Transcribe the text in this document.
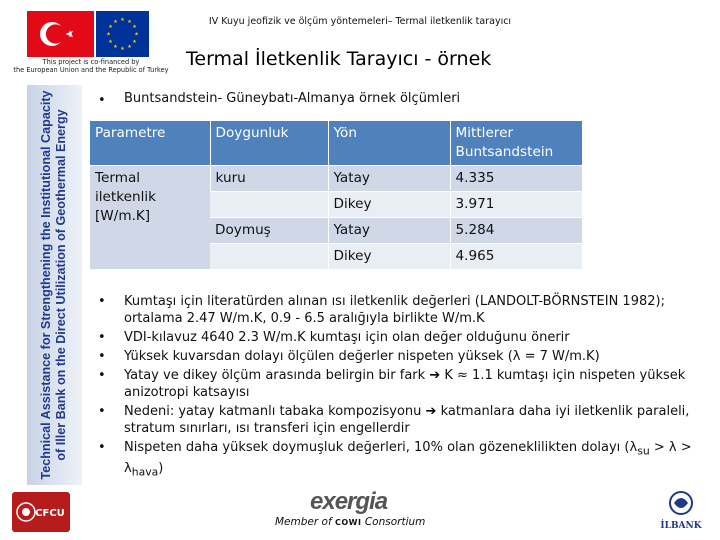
IV Kuyu jeofizik ve ölçüm yöntemeleri– Termal iletkenlik tarayıcı
★ ★
★
★
★
★
★
★
★
★
★
★
This project is co-financed by
the European Union and the Republic of Turkey Termal İletkenlik Tarayıcı - örnek
Technical Assistance for Strengthening the Institutional Capacity of Iller Bank on the Direct Utilization of Geothermal Energy
• Buntsandstein- Güneybatı-Almanya örnek ölçümleri
Parametre	Doygunluk	Yön	Mittlerer Buntsandstein
Termal iletkenlik [W/m.K]	kuru	Yatay	4.335
		Dikey	3.971
	Doymuş	Yatay	5.284
		Dikey	4.965
• Kumtaşı için literatürden alınan ısı iletkenlik değerleri (LANDOLT-BÖRNSTEIN 1982); ortalama 2.47 W/m.K, 0.9 - 6.5 aralığıyla birlikte W/m.K
• VDI-kılavuz 4640 2.3 W/m.K kumtaşı için olan değer olduğunu önerir
• Yüksek kuvarsdan dolayı ölçülen değerler nispeten yüksek (λ = 7 W/m.K)
• Yatay ve dikey ölçüm arasında belirgin bir fark ➔ K ≈ 1.1 kumtaşı için nispeten yüksek anizotropi katsayısı
• Nedeni: yatay katmanlı tabaka kompozisyonu ➔ katmanlara daha iyi iletkenlik paraleli, stratum sınırları, ısı transferi için engellerdir
• Nispeten daha yüksek doymuşluk değerleri, 10% olan gözeneklilikten dolayı $(\lambda_{su} > \lambda > \lambda_{hava})$
CFCU	exergia
Member of COWI Consortium	İLBANK
